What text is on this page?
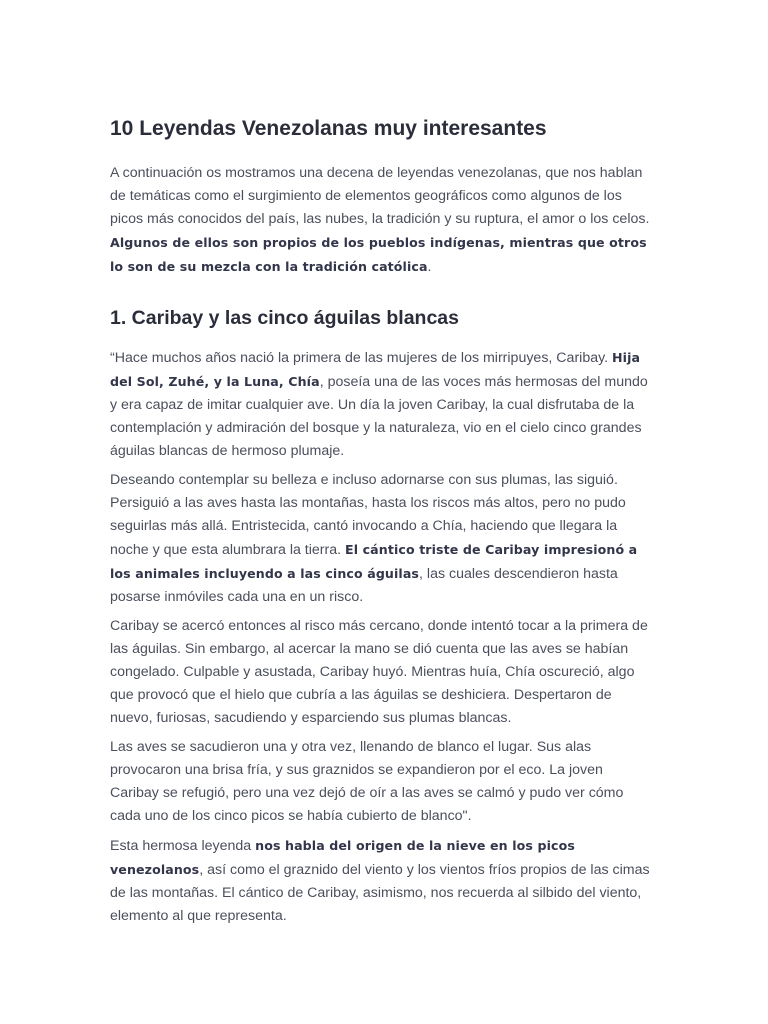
10 Leyendas Venezolanas muy interesantes

A continuación os mostramos una decena de leyendas venezolanas, que nos hablan de temáticas como el surgimiento de elementos geográficos como algunos de los picos más conocidos del país, las nubes, la tradición y su ruptura, el amor o los celos. Algunos de ellos son propios de los pueblos indígenas, mientras que otros lo son de su mezcla con la tradición católica.

1. Caribay y las cinco águilas blancas

“Hace muchos años nació la primera de las mujeres de los mirripuyes, Caribay. Hija del Sol, Zuhé, y la Luna, Chía, poseía una de las voces más hermosas del mundo y era capaz de imitar cualquier ave. Un día la joven Caribay, la cual disfrutaba de la contemplación y admiración del bosque y la naturaleza, vio en el cielo cinco grandes águilas blancas de hermoso plumaje.

Deseando contemplar su belleza e incluso adornarse con sus plumas, las siguió. Persiguió a las aves hasta las montañas, hasta los riscos más altos, pero no pudo seguirlas más allá. Entristecida, cantó invocando a Chía, haciendo que llegara la noche y que esta alumbrara la tierra. El cántico triste de Caribay impresionó a los animales incluyendo a las cinco águilas, las cuales descendieron hasta posarse inmóviles cada una en un risco.

Caribay se acercó entonces al risco más cercano, donde intentó tocar a la primera de las águilas. Sin embargo, al acercar la mano se dió cuenta que las aves se habían congelado. Culpable y asustada, Caribay huyó. Mientras huía, Chía oscureció, algo que provocó que el hielo que cubría a las águilas se deshiciera. Despertaron de nuevo, furiosas, sacudiendo y esparciendo sus plumas blancas.

Las aves se sacudieron una y otra vez, llenando de blanco el lugar. Sus alas provocaron una brisa fría, y sus graznidos se expandieron por el eco. La joven Caribay se refugió, pero una vez dejó de oír a las aves se calmó y pudo ver cómo cada uno de los cinco picos se había cubierto de blanco".

Esta hermosa leyenda nos habla del origen de la nieve en los picos venezolanos, así como el graznido del viento y los vientos fríos propios de las cimas de las montañas. El cántico de Caribay, asimismo, nos recuerda al silbido del viento, elemento al que representa.
